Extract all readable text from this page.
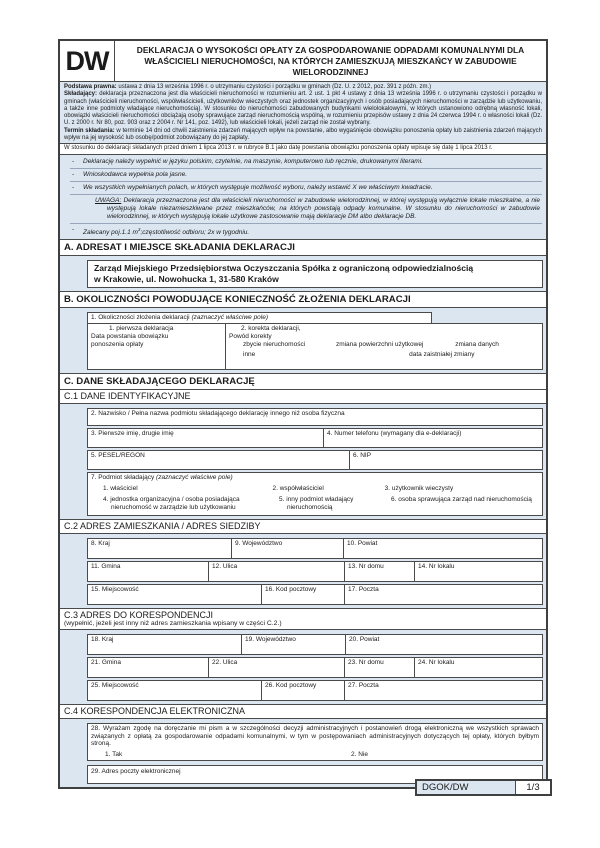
DW	DEKLARACJA O WYSOKOŚCI OPŁATY ZA GOSPODAROWANIE ODPADAMI KOMUNALNYMI DLA WŁAŚCICIELI NIERUCHOMOŚCI, NA KTÓRYCH ZAMIESZKUJĄ MIESZKAŃCY W ZABUDOWIE WIELORODZINNEJ

Podstawa prawna: ustawa z dnia 13 września 1996 r. o utrzymaniu czystości i porządku w gminach (Dz. U. z 2012, poz. 391 z późn. zm.)

Składający: deklaracja przeznaczona jest dla właścicieli nieruchomości w rozumieniu art. 2 ust. 1 pkt 4 ustawy z dnia 13 września 1996 r. o utrzymaniu czystości i porządku w gminach (właścicieli nieruchomości, współwłaścicieli, użytkowników wieczystych oraz jednostek organizacyjnych i osób posiadających nieruchomości w zarządzie lub użytkowaniu, a także inne podmioty władające nieruchomością). W stosunku do nieruchomości zabudowanych budynkami wielolokalowymi, w których ustanowiono odrębną własność lokali, obowiązki właścicieli nieruchomości obciążają osoby sprawujące zarząd nieruchomością wspólną, w rozumieniu przepisów ustawy z dnia 24 czerwca 1994 r. o własności lokali (Dz. U. z 2000 r. Nr 80, poz. 903 oraz z 2004 r. Nr 141, poz. 1492), lub właścicieli lokali, jeżeli zarząd nie został wybrany.

Termin składania: w terminie 14 dni od chwili zaistnienia zdarzeń mających wpływ na powstanie, albo wygaśnięcie obowiązku ponoszenia opłaty lub zaistnienia zdarzeń mających wpływ na jej wysokość lub osobę/podmiot zobowiązany do jej zapłaty.

W stosunku do deklaracji składanych przed dniem 1 lipca 2013 r. w rubryce B.1 jako datę powstania obowiązku ponoszenia opłaty wpisuje się datę 1 lipca 2013 r.
- Deklarację należy wypełnić w języku polskim, czytelnie, na maszynie, komputerowo lub ręcznie, drukowanymi literami.
- Wnioskodawca wypełnia pola jasne.
- We wszystkich wypełnianych polach, w których występuje możliwość wyboru, należy wstawić X we właściwym kwadracie.
UWAGA: Deklaracja przeznaczona jest dla właścicieli nieruchomości w zabudowie wielorodzinnej, w której występują wyłącznie lokale mieszkalne, a nie występują lokale niezamieszkiwane przez mieszkańców, na których powstają odpady komunalne. W stosunku do nieruchomości w zabudowie wielorodzinnej, w których występują lokale użytkowe zastosowanie mają deklaracje DM albo deklaracje DB.
- Zalecany poj.1.1 $m^3;częstotliwość$ odbioru; 2x w tygodniu.
A. ADRESAT I MIEJSCE SKŁADANIA DEKLARACJI
Zarząd Miejskiego Przedsiębiorstwa Oczyszczania Spółka z ograniczoną odpowiedzialnością
w Krakowie, ul. Nowohucka 1, 31-580 Kraków
B. OKOLICZNOŚCI POWODUJĄCE KONIECZNOŚĆ ZŁOŻENIA DEKLARACJI
1. Okoliczności złożenia deklaracji (zaznaczyć właściwe pole)
1. pierwsza deklaracja
Data powstania obowiązku ponoszenia opłaty
2. korekta deklaracji,
Powód korekty
zbycie nieruchomości	zmiana powierzchni użytkowej	zmiana danych
inne	data zaistniałej zmiany
C. DANE SKŁADAJĄCEGO DEKLARACJĘ
C.1 DANE IDENTYFIKACYJNE
2. Nazwisko / Pełna nazwa podmiotu składającego deklarację innego niż osoba fizyczna
3. Pierwsze imię, drugie imię	4. Numer telefonu (wymagany dla e-deklaracji)
5. PESEL/REGON	6. NIP
7. Podmiot składający (zaznaczyć właściwe pole)
1. właściciel	2. współwłaściciel	3. użytkownik wieczysty
4. jednostka organizacyjna / osoba posiadająca nieruchomość w zarządzie lub użytkowaniu
5. inny podmiot władający nieruchomością
6. osoba sprawująca zarząd nad nieruchomością
C.2 ADRES ZAMIESZKANIA / ADRES SIEDZIBY
8. Kraj	9. Województwo	10. Powiat
11. Gmina	12. Ulica	13. Nr domu	14. Nr lokalu
15. Miejscowość	16. Kod pocztowy	17. Poczta
C.3 ADRES DO KORESPONDENCJI
(wypełnić, jeżeli jest inny niż adres zamieszkania wpisany w części C.2.)
18. Kraj	19. Województwo	20. Powiat
21. Gmina	22. Ulica	23. Nr domu	24. Nr lokalu
25. Miejscowość	26. Kod pocztowy	27. Poczta
C.4 KORESPONDENCJA ELEKTRONICZNA
28. Wyrażam zgodę na doręczanie mi pism a w szczególności decyzji administracyjnych i postanowień drogą elektroniczną we wszystkich sprawach związanych z opłatą za gospodarowanie odpadami komunalnymi, w tym w postępowaniach administracyjnych dotyczących tej opłaty, których byłbym stroną.
1. Tak	2. Nie
29. Adres poczty elektronicznej
DGOK/DW	1/3
